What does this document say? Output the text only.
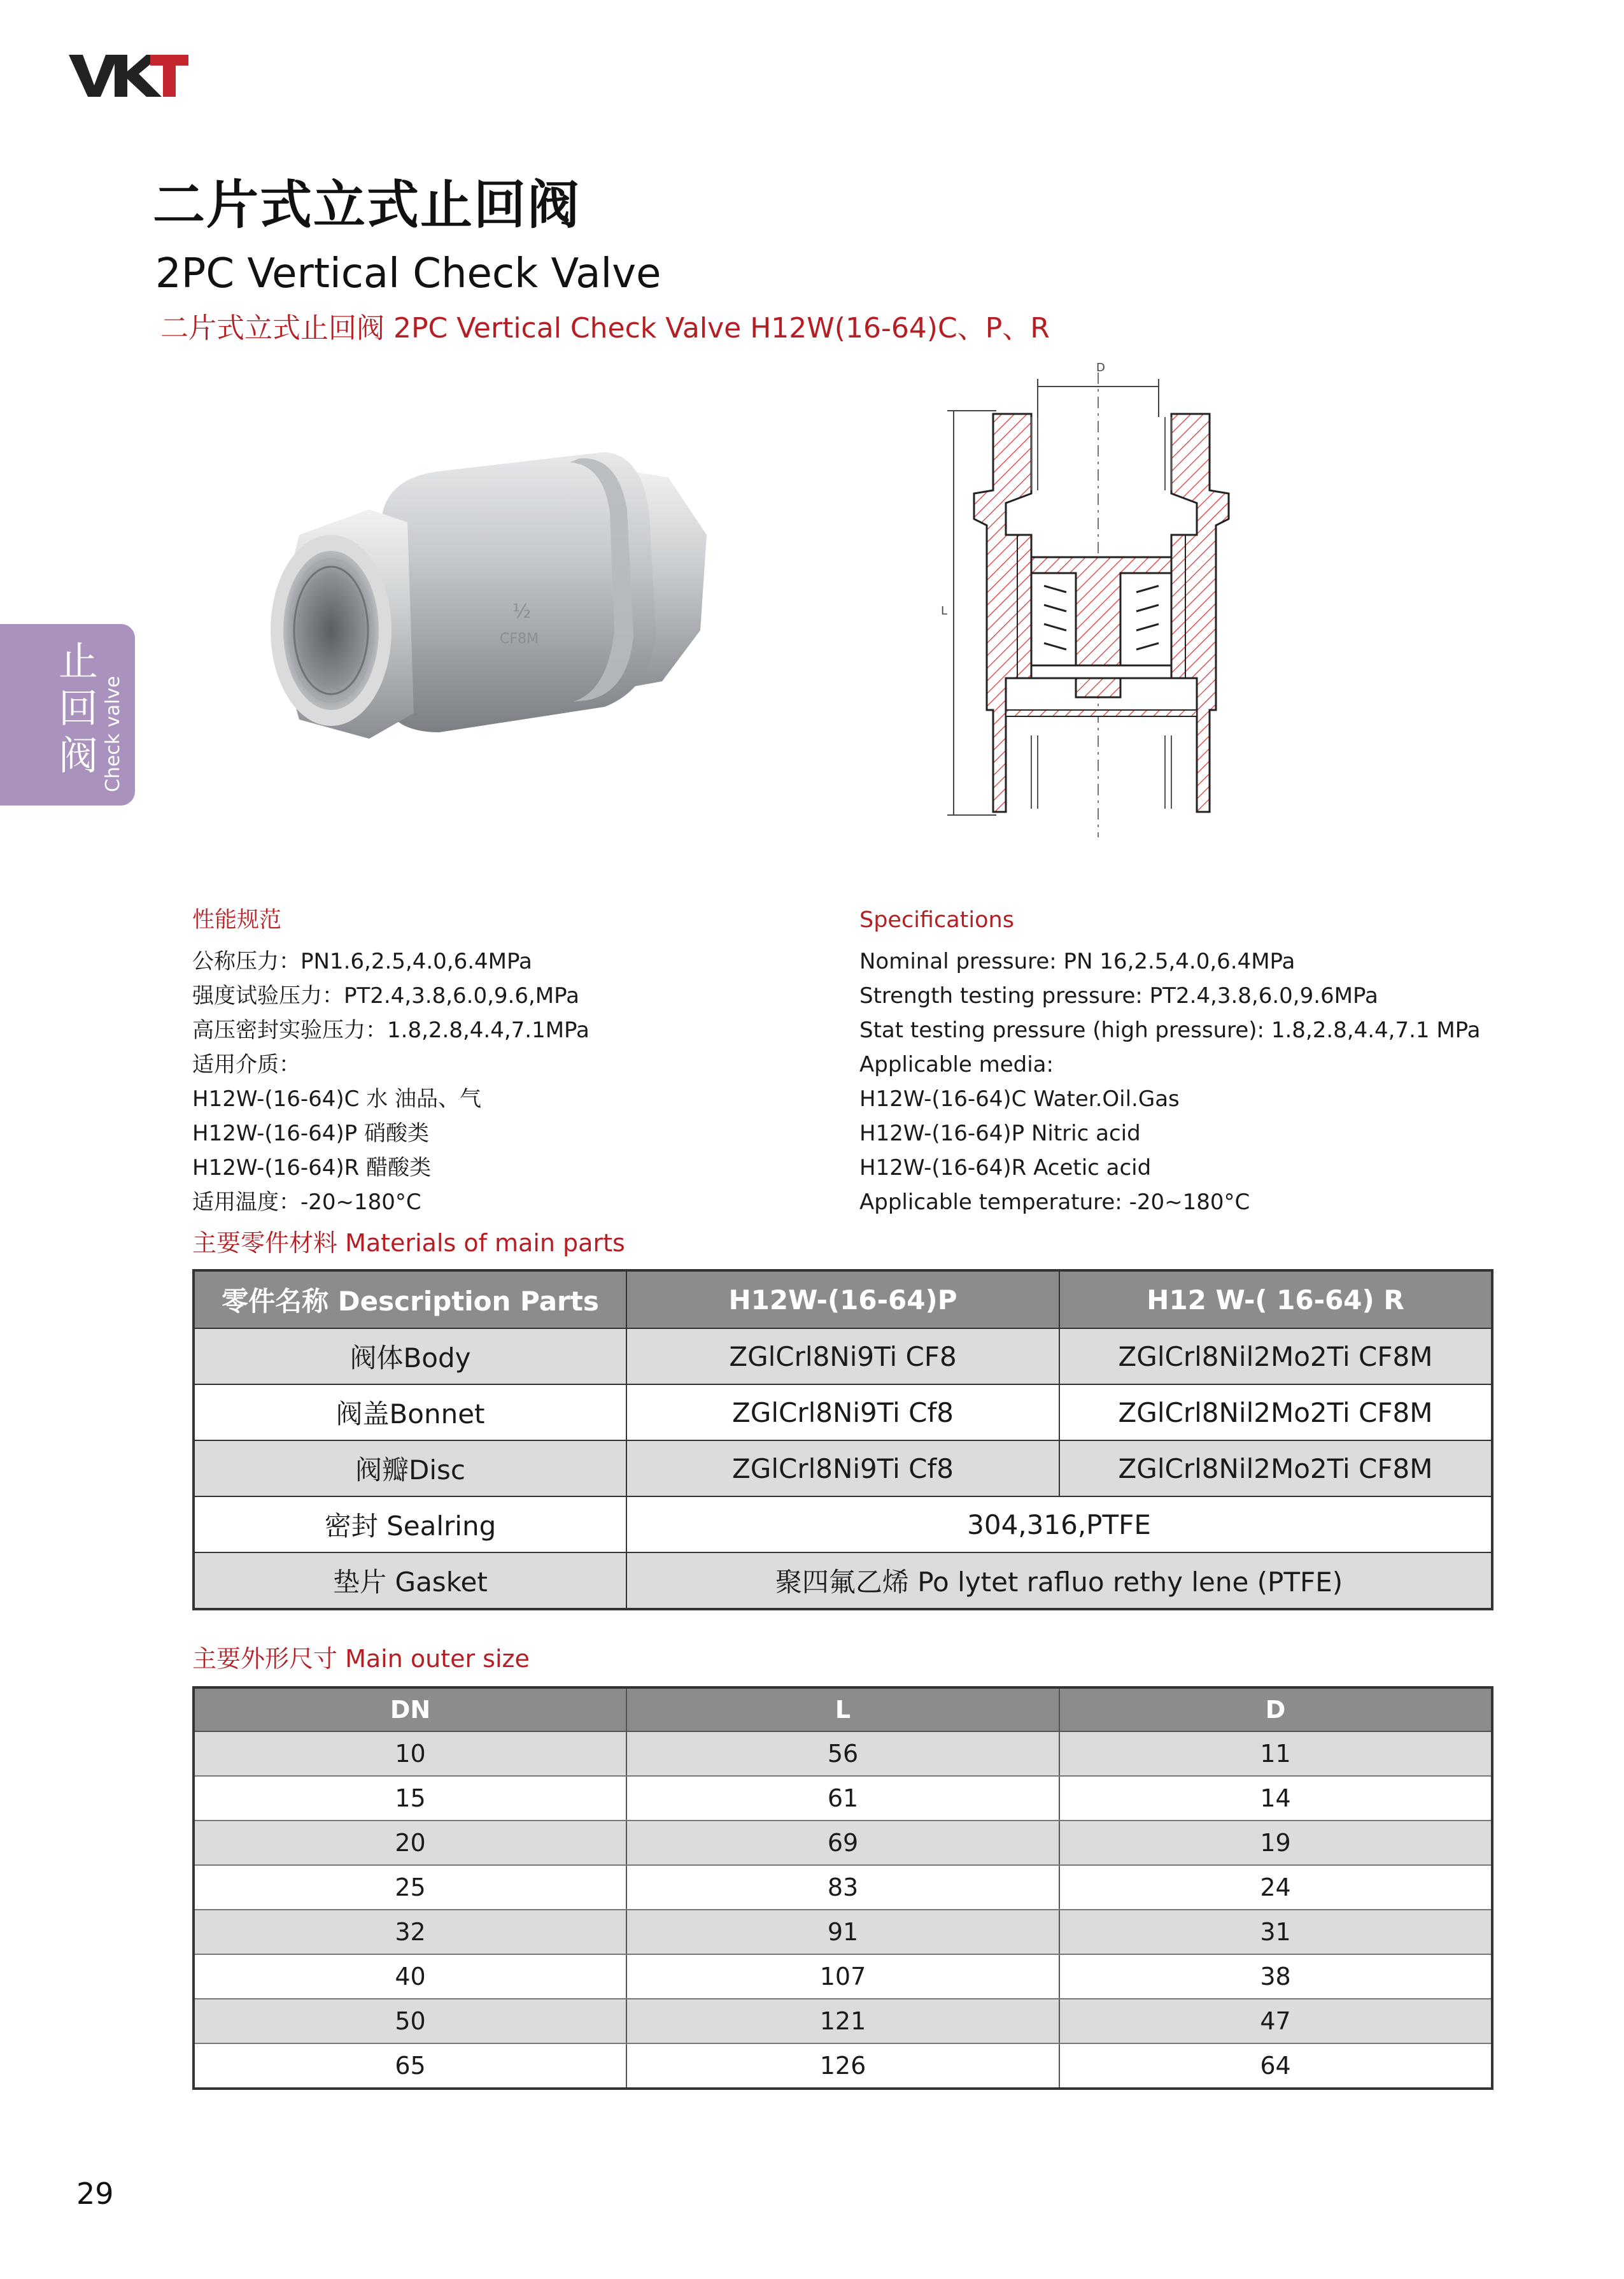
二片式立式止回阀
2PC Vertical Check Valve
二片式立式止回阀 2PC Vertical Check Valve H12W(16-64)C、P、R
止回阀 Check valve
½
CF8M
D
L
性能规范
公称压力：PN1.6,2.5,4.0,6.4MPa
强度试验压力：PT2.4,3.8,6.0,9.6,MPa
高压密封实验压力：1.8,2.8,4.4,7.1MPa
适用介质：
H12W-(16-64)C 水 油品、气
H12W-(16-64)P 硝酸类
H12W-(16-64)R 醋酸类
适用温度：-20~180°C
Specifications
Nominal pressure: PN 16,2.5,4.0,6.4MPa
Strength testing pressure: PT2.4,3.8,6.0,9.6MPa
Stat testing pressure (high pressure): 1.8,2.8,4.4,7.1 MPa
Applicable media:
H12W-(16-64)C Water.Oil.Gas
H12W-(16-64)P Nitric acid
H12W-(16-64)R Acetic acid
Applicable temperature: -20~180°C
主要零件材料 Materials of main parts
零件名称 Description Parts	H12W-(16-64)P	H12 W-( 16-64) R
阀体Body	ZGlCrl8Ni9Ti CF8	ZGlCrl8Nil2Mo2Ti CF8M
阀盖Bonnet	ZGlCrl8Ni9Ti Cf8	ZGlCrl8Nil2Mo2Ti CF8M
阀瓣Disc	ZGlCrl8Ni9Ti Cf8	ZGlCrl8Nil2Mo2Ti CF8M
密封 Sealring	304,316,PTFE	
垫片 Gasket	聚四氟乙烯 Po lytet rafluo rethy lene (PTFE)	
主要外形尺寸 Main outer size
DN	L	D
10	56	11
15	61	14
20	69	19
25	83	24
32	91	31
40	107	38
50	121	47
65	126	64
29
